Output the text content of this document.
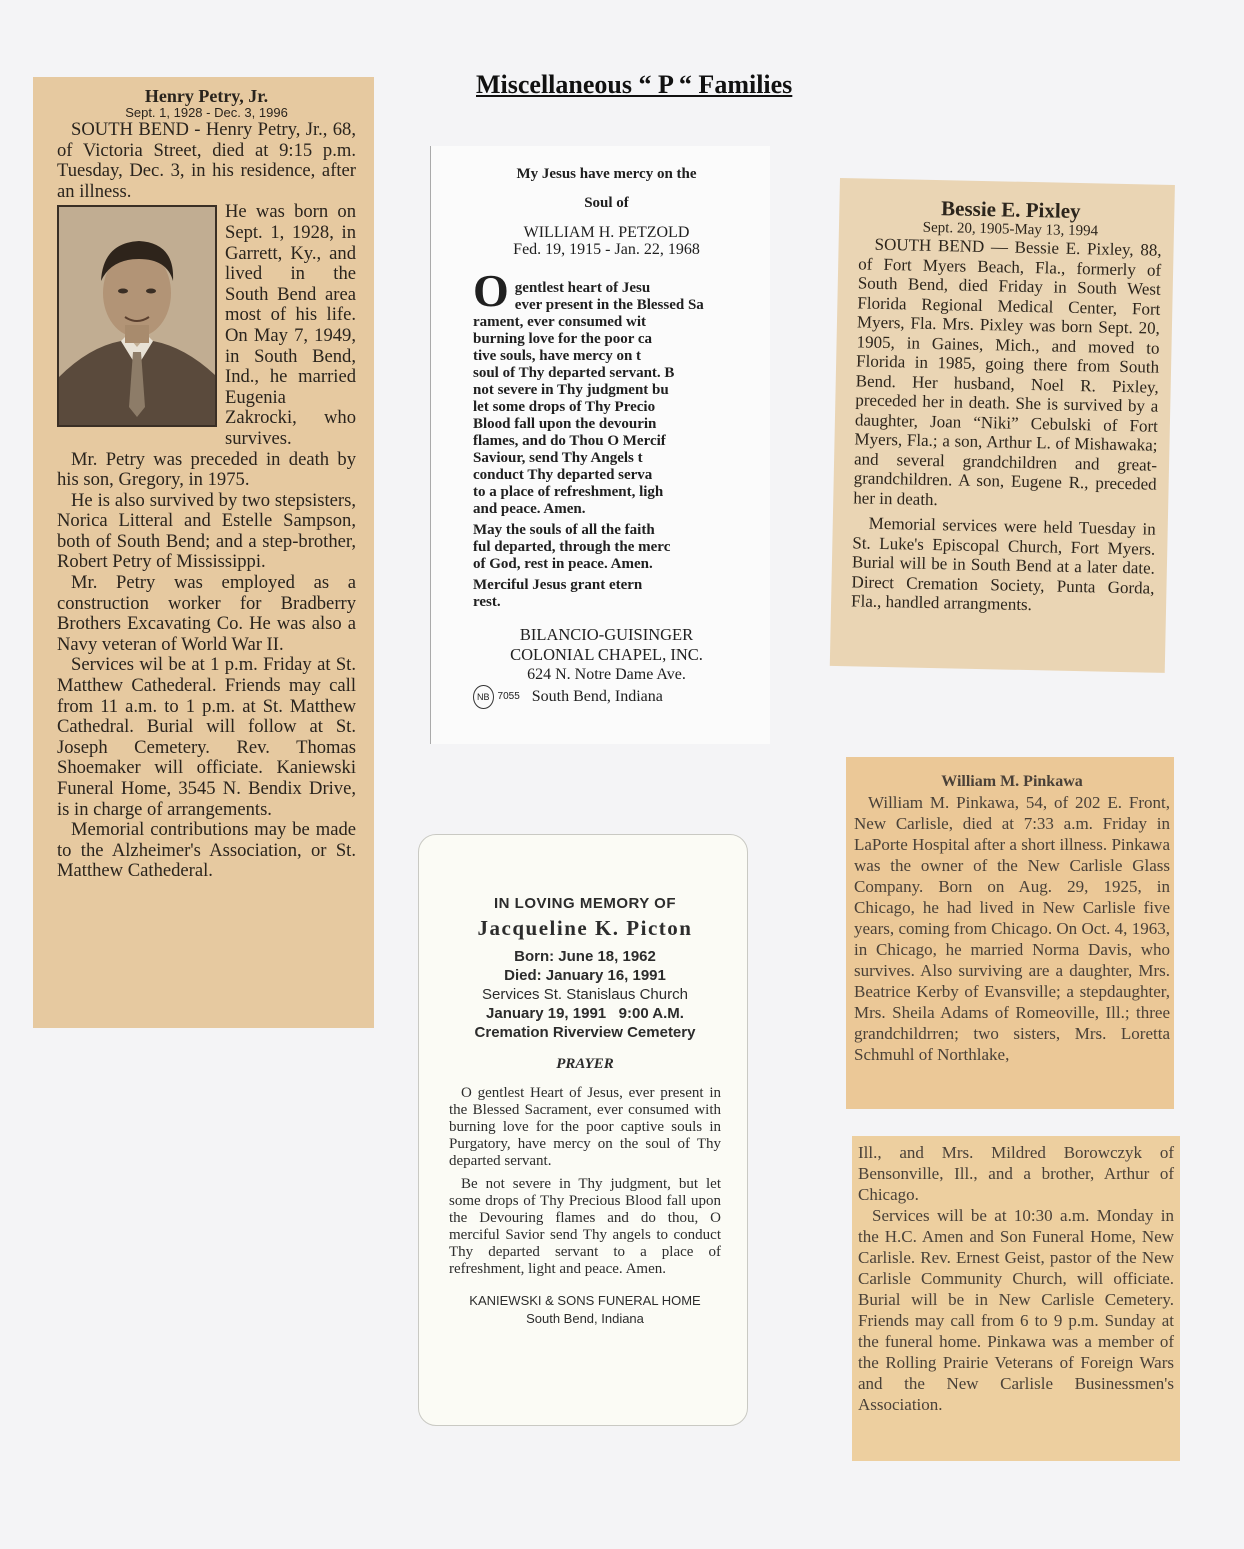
Miscellaneous “ P “ Families
Henry Petry, Jr.
Sept. 1, 1928 - Dec. 3, 1996

SOUTH BEND - Henry Petry, Jr., 68, of Victoria Street, died at 9:15 p.m. Tuesday, Dec. 3, in his residence, after an illness.

He was born on Sept. 1, 1928, in Garrett, Ky., and lived in the South Bend area most of his life. On May 7, 1949, in South Bend, Ind., he married Eugenia Zakrocki, who survives.

Mr. Petry was preceded in death by his son, Gregory, in 1975.

He is also survived by two stepsisters, Norica Litteral and Estelle Sampson, both of South Bend; and a step-brother, Robert Petry of Mississippi.

Mr. Petry was employed as a construction worker for Bradberry Brothers Excavating Co. He was also a Navy veteran of World War II.

Services wil be at 1 p.m. Friday at St. Matthew Cathederal. Friends may call from 11 a.m. to 1 p.m. at St. Matthew Cathedral. Burial will follow at St. Joseph Cemetery. Rev. Thomas Shoemaker will officiate. Kaniewski Funeral Home, 3545 N. Bendix Drive, is in charge of arrangements.

Memorial contributions may be made to the Alzheimer's Association, or St. Matthew Cathederal.

My Jesus have mercy on the
Soul of
WILLIAM H. PETZOLD
Fed. 19, 1915 - Jan. 22, 1968
O gentlest heart of Jesu
ever present in the Blessed Sa
rament, ever consumed wit
burning love for the poor ca
tive souls, have mercy on t
soul of Thy departed servant. B
not severe in Thy judgment bu
let some drops of Thy Precio
Blood fall upon the devourin
flames, and do Thou O Mercif
Saviour, send Thy Angels t
conduct Thy departed serva
to a place of refreshment, ligh
and peace. Amen.
May the souls of all the faith
ful departed, through the merc
of God, rest in peace. Amen.
Merciful Jesus grant etern
rest.
BILANCIO-GUISINGER
COLONIAL CHAPEL, INC.
624 N. Notre Dame Ave.
NB 7055 South Bend, Indiana
Bessie E. Pixley
Sept. 20, 1905-May 13, 1994

SOUTH BEND — Bessie E. Pixley, 88, of Fort Myers Beach, Fla., formerly of South Bend, died Friday in South West Florida Regional Medical Center, Fort Myers, Fla. Mrs. Pixley was born Sept. 20, 1905, in Gaines, Mich., and moved to Florida in 1985, going there from South Bend. Her husband, Noel R. Pixley, preceded her in death. She is survived by a daughter, Joan “Niki” Cebulski of Fort Myers, Fla.; a son, Arthur L. of Mishawaka; and several grandchildren and great-grandchildren. A son, Eugene R., preceded her in death.

Memorial services were held Tuesday in St. Luke's Episcopal Church, Fort Myers. Burial will be in South Bend at a later date. Direct Cremation Society, Punta Gorda, Fla., handled arrangments.

William M. Pinkawa

William M. Pinkawa, 54, of 202 E. Front, New Carlisle, died at 7:33 a.m. Friday in LaPorte Hospital after a short illness. Pinkawa was the owner of the New Carlisle Glass Company. Born on Aug. 29, 1925, in Chicago, he had lived in New Carlisle five years, coming from Chicago. On Oct. 4, 1963, in Chicago, he married Norma Davis, who survives. Also surviving are a daughter, Mrs. Beatrice Kerby of Evansville; a stepdaughter, Mrs. Sheila Adams of Romeoville, Ill.; three grandchildrren; two sisters, Mrs. Loretta Schmuhl of Northlake,

Ill., and Mrs. Mildred Borowczyk of Bensonville, Ill., and a brother, Arthur of Chicago.

Services will be at 10:30 a.m. Monday in the H.C. Amen and Son Funeral Home, New Carlisle. Rev. Ernest Geist, pastor of the New Carlisle Community Church, will officiate. Burial will be in New Carlisle Cemetery. Friends may call from 6 to 9 p.m. Sunday at the funeral home. Pinkawa was a member of the Rolling Prairie Veterans of Foreign Wars and the New Carlisle Businessmen's Association.

IN LOVING MEMORY OF
Jacqueline K. Picton
Born: June 18, 1962
Died: January 16, 1991
Services St. Stanislaus Church
January 19, 1991   9:00 A.M.
Cremation Riverview Cemetery
PRAYER

O gentlest Heart of Jesus, ever present in the Blessed Sacrament, ever consumed with burning love for the poor captive souls in Purgatory, have mercy on the soul of Thy departed servant.

Be not severe in Thy judgment, but let some drops of Thy Precious Blood fall upon the Devouring flames and do thou, O merciful Savior send Thy angels to conduct Thy departed servant to a place of refreshment, light and peace. Amen.

KANIEWSKI & SONS FUNERAL HOME
South Bend, Indiana
